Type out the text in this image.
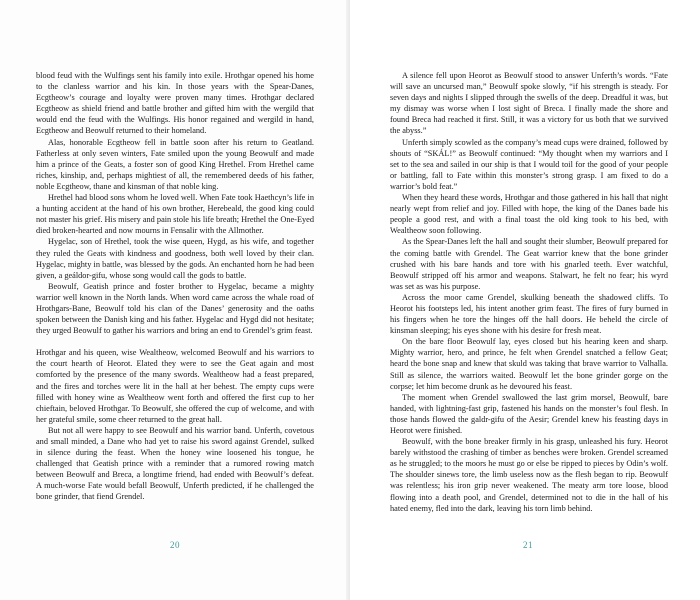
blood feud with the Wulfings sent his family into exile. Hrothgar opened his home to the clanless warrior and his kin. In those years with the Spear-Danes, Ecgtheow’s courage and loyalty were proven many times. Hrothgar declared Ecgtheow as shield friend and battle brother and gifted him with the wergild that would end the feud with the Wulfings. His honor regained and wergild in hand, Ecgtheow and Beowulf returned to their homeland.

Alas, honorable Ecgtheow fell in battle soon after his return to Geatland. Fatherless at only seven winters, Fate smiled upon the young Beowulf and made him a prince of the Geats, a foster son of good King Hrethel. From Hrethel came riches, kinship, and, perhaps mightiest of all, the remembered deeds of his father, noble Ecgtheow, thane and kinsman of that noble king.

Hrethel had blood sons whom he loved well. When Fate took Haethcyn’s life in a hunting accident at the hand of his own brother, Herebeald, the good king could not master his grief. His misery and pain stole his life breath; Hrethel the One-Eyed died broken-hearted and now mourns in Fensalir with the Allmother.

Hygelac, son of Hrethel, took the wise queen, Hygd, as his wife, and together they ruled the Geats with kindness and goodness, both well loved by their clan. Hygelac, mighty in battle, was blessed by the gods. An enchanted horn he had been given, a geáldor-gifu, whose song would call the gods to battle.

Beowulf, Geatish prince and foster brother to Hygelac, became a mighty warrior well known in the North lands. When word came across the whale road of Hrothgars-Bane, Beowulf told his clan of the Danes’ generosity and the oaths spoken between the Danish king and his father. Hygelac and Hygd did not hesitate; they urged Beowulf to gather his warriors and bring an end to Grendel’s grim feast.

Hrothgar and his queen, wise Wealtheow, welcomed Beowulf and his warriors to the court hearth of Heorot. Elated they were to see the Geat again and most comforted by the presence of the many swords. Wealtheow had a feast prepared, and the fires and torches were lit in the hall at her behest. The empty cups were filled with honey wine as Wealtheow went forth and offered the first cup to her chieftain, beloved Hrothgar. To Beowulf, she offered the cup of welcome, and with her grateful smile, some cheer returned to the great hall.

But not all were happy to see Beowulf and his warrior band. Unferth, covetous and small minded, a Dane who had yet to raise his sword against Grendel, sulked in silence during the feast. When the honey wine loosened his tongue, he challenged that Geatish prince with a reminder that a rumored rowing match between Beowulf and Breca, a longtime friend, had ended with Beowulf’s defeat. A much-worse Fate would befall Beowulf, Unferth predicted, if he challenged the bone grinder, that fiend Grendel.

20

A silence fell upon Heorot as Beowulf stood to answer Unferth’s words. “Fate will save an uncursed man,” Beowulf spoke slowly, “if his strength is steady. For seven days and nights I slipped through the swells of the deep. Dreadful it was, but my dismay was worse when I lost sight of Breca. I finally made the shore and found Breca had reached it first. Still, it was a victory for us both that we survived the abyss.”

Unferth simply scowled as the company’s mead cups were drained, followed by shouts of “SKÁL!” as Beowulf continued: “My thought when my warriors and I set to the sea and sailed in our ship is that I would toil for the good of your people or battling, fall to Fate within this monster’s strong grasp. I am fixed to do a warrior’s bold feat.”

When they heard these words, Hrothgar and those gathered in his hall that night nearly wept from relief and joy. Filled with hope, the king of the Danes bade his people a good rest, and with a final toast the old king took to his bed, with Wealtheow soon following.

As the Spear-Danes left the hall and sought their slumber, Beowulf prepared for the coming battle with Grendel. The Geat warrior knew that the bone grinder crushed with his bare hands and tore with his gnarled teeth. Ever watchful, Beowulf stripped off his armor and weapons. Stalwart, he felt no fear; his wyrd was set as was his purpose.

Across the moor came Grendel, skulking beneath the shadowed cliffs. To Heorot his footsteps led, his intent another grim feast. The fires of fury burned in his fingers when he tore the hinges off the hall doors. He beheld the circle of kinsman sleeping; his eyes shone with his desire for fresh meat.

On the bare floor Beowulf lay, eyes closed but his hearing keen and sharp. Mighty warrior, hero, and prince, he felt when Grendel snatched a fellow Geat; heard the bone snap and knew that skuld was taking that brave warrior to Valhalla. Still as silence, the warriors waited. Beowulf let the bone grinder gorge on the corpse; let him become drunk as he devoured his feast.

The moment when Grendel swallowed the last grim morsel, Beowulf, bare handed, with lightning-fast grip, fastened his hands on the monster’s foul flesh. In those hands flowed the galdr-gifu of the Aesir; Grendel knew his feasting days in Heorot were finished.

Beowulf, with the bone breaker firmly in his grasp, unleashed his fury. Heorot barely withstood the crashing of timber as benches were broken. Grendel screamed as he struggled; to the moors he must go or else be ripped to pieces by Odin’s wolf. The shoulder sinews tore, the limb useless now as the flesh began to rip. Beowulf was relentless; his iron grip never weakened. The meaty arm tore loose, blood flowing into a death pool, and Grendel, determined not to die in the hall of his hated enemy, fled into the dark, leaving his torn limb behind.

21
